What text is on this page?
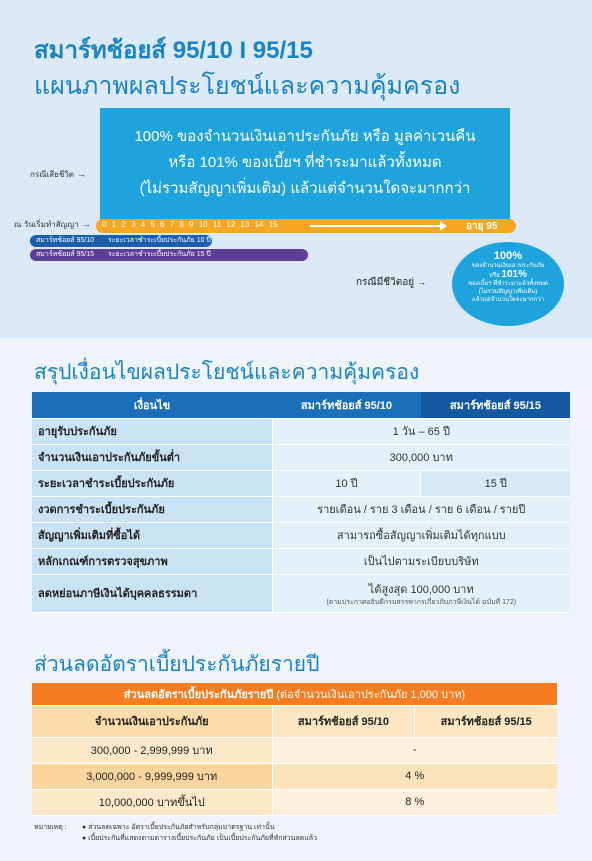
สมาร์ทช้อยส์ 95/10 I 95/15
แผนภาพผลประโยชน์และความคุ้มครอง
100% ของจำนวนเงินเอาประกันภัย หรือ มูลค่าเวนคืน
หรือ 101% ของเบี้ยฯ ที่ชำระมาแล้วทั้งหมด
(ไม่รวมสัญญาเพิ่มเติม) แล้วแต่จำนวนใดจะมากกว่า
กรณีเสียชีวิต →
ณ วันเริ่มทำสัญญา → 0 1 2 3 4 5 6 7 8 9 10 11 12 13 14 15	อายุ 95
สมาร์ทช้อยส์ 95/10 ระยะเวลาชำระเบี้ยประกันภัย 10 ปี
สมาร์ทช้อยส์ 95/15 ระยะเวลาชำระเบี้ยประกันภัย 15 ปี
กรณีมีชีวิตอยู่ →
100%
ของจำนวนเงินเอาประกันภัย
หรือ 101%
ของเบี้ยฯ ที่ชำระมาแล้วทั้งหมด
(ไม่รวมสัญญาเพิ่มเติม)
แล้วแต่จำนวนใดจะมากกว่า
สรุปเงื่อนไขผลประโยชน์และความคุ้มครอง
เงื่อนไข	สมาร์ทช้อยส์ 95/10	สมาร์ทช้อยส์ 95/15
อายุรับประกันภัย	1 วัน – 65 ปี	
จำนวนเงินเอาประกันภัยขั้นต่ำ	300,000 บาท	
ระยะเวลาชำระเบี้ยประกันภัย	10 ปี	15 ปี
งวดการชำระเบี้ยประกันภัย	รายเดือน / ราย 3 เดือน / ราย 6 เดือน / รายปี	
สัญญาเพิ่มเติมที่ซื้อได้	สามารถซื้อสัญญาเพิ่มเติมได้ทุกแบบ	
หลักเกณฑ์การตรวจสุขภาพ	เป็นไปตามระเบียบบริษัท	
ลดหย่อนภาษีเงินได้บุคคลธรรมดา	ได้สูงสุด 100,000 บาท
(ตามประกาศอธิบดีกรมสรรพากรเกี่ยวกับภาษีเงินได้ ฉบับที่ 172)	
ส่วนลดอัตราเบี้ยประกันภัยรายปี
ส่วนลดอัตราเบี้ยประกันภัยรายปี (ต่อจำนวนเงินเอาประกันภัย 1,000 บาท)		
จำนวนเงินเอาประกันภัย	สมาร์ทช้อยส์ 95/10	สมาร์ทช้อยส์ 95/15
300,000 - 2,999,999 บาท	-	
3,000,000 - 9,999,999 บาท	4 %	
10,000,000 บาทขึ้นไป	8 %	
หมายเหตุ : ● ส่วนลดเฉพาะ อัตราเบี้ยประกันภัยสำหรับกลุ่มมาตรฐาน เท่านั้น
● เบี้ยประกันที่แสดงตามตารางเบี้ยประกันภัย เป็นเบี้ยประกันภัยที่หักส่วนลดแล้ว
